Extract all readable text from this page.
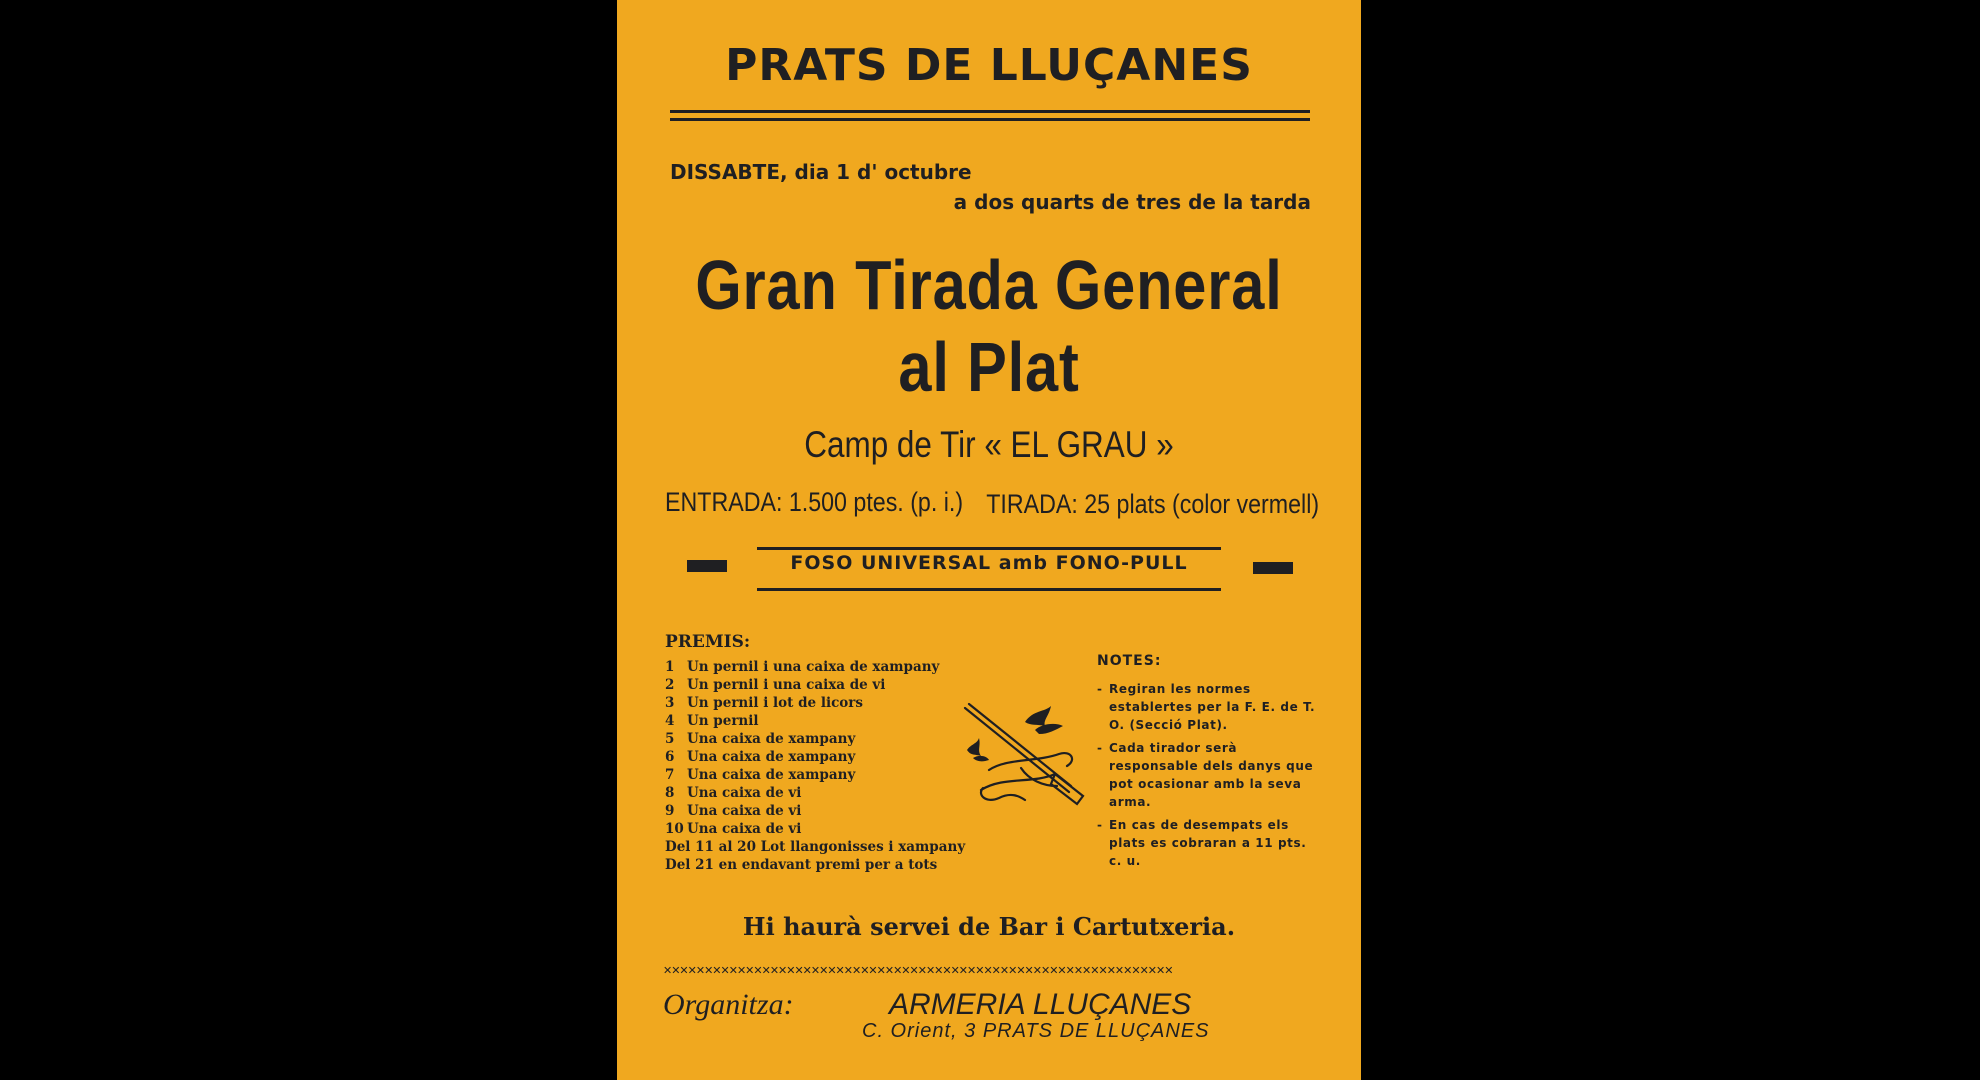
PRATS DE LLUÇANES
DISSABTE, dia 1 d' octubre
a dos quarts de tres de la tarda
Gran Tirada General
al Plat
Camp de Tir « EL GRAU »
ENTRADA: 1.500 ptes. (p. i.) TIRADA: 25 plats (color vermell)
FOSO UNIVERSAL amb FONO-PULL
PREMIS:
1 Un pernil i una caixa de xampany
2 Un pernil i una caixa de vi
3 Un pernil i lot de licors
4 Un pernil
5 Una caixa de xampany
6 Una caixa de xampany
7 Una caixa de xampany
8 Una caixa de vi
9 Una caixa de vi
10 Una caixa de vi
Del 11 al 20 Lot llangonisses i xampany
Del 21 en endavant premi per a tots
NOTES:
- Regiran les normes establertes per la F. E. de T. O. (Secció Plat).
- Cada tirador serà responsable dels danys que pot ocasionar amb la seva arma.
- En cas de desempats els plats es cobraran a 11 pts. c. u.
Hi haurà servei de Bar i Cartutxeria.
✕✕✕✕✕✕✕✕✕✕✕✕✕✕✕✕✕✕✕✕✕✕✕✕✕✕✕✕✕✕✕✕✕✕✕✕✕✕✕✕✕✕✕✕✕✕✕✕✕✕✕✕✕✕✕✕✕✕✕✕✕✕
Organitza:	ARMERIA LLUÇANES
C. Orient, 3 PRATS DE LLUÇANES
